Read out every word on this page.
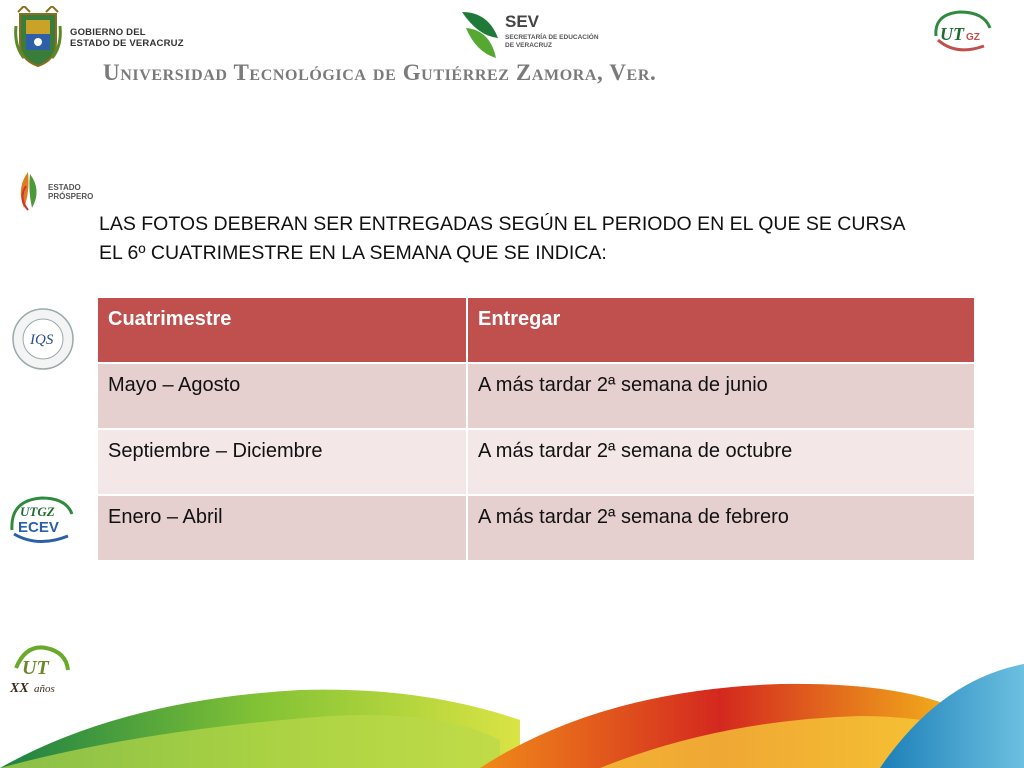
GOBIERNO DEL
ESTADO DE VERACRUZ
SEV
SECRETARÍA DE EDUCACIÓN
DE VERACRUZ
UT GZ
Universidad Tecnológica de Gutiérrez Zamora, Ver.
ESTADO
PRÓSPERO
IQS
UTGZ
ECEV
UT
XX años
LAS FOTOS DEBERAN SER ENTREGADAS SEGÚN EL PERIODO EN EL QUE SE CURSA
EL 6º CUATRIMESTRE EN LA SEMANA QUE SE INDICA:
Cuatrimestre	Entregar
Mayo – Agosto	A más tardar 2ª semana de junio
Septiembre – Diciembre	A más tardar 2ª semana de octubre
Enero – Abril	A más tardar 2ª semana de febrero
